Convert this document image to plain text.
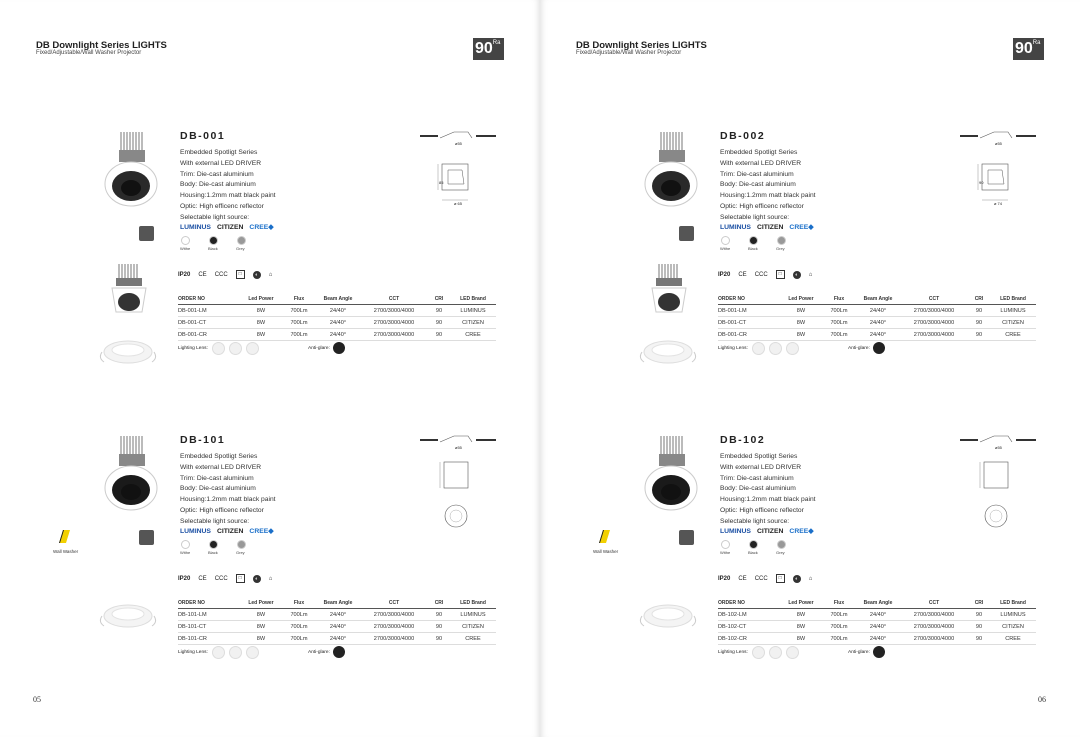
DB Downlight Series LIGHTS
Fixed/Adjustable/Wall Washer Projector	$90^{Ra}$
DB-001
Embedded Spotligt Series
With external LED DRIVER
Trim: Die-cast aluminium
Body: Die-cast aluminium
Housing:1.2mm matt black paint
Optic: High efficenc reflector
Selectable light source:
LUMINUS CITIZEN CREE◆
Withe	Black	Grey
IP20 CE CCC	□	◐	⌂
ø55
85
ø 65
ORDER NO	Led Power	Flux	Beam Angle	CCT	CRI	LED Brand
DB-001-LM	8W	700Lm	24/40°	2700/3000/4000	90	LUMINUS
DB-001-CT	8W	700Lm	24/40°	2700/3000/4000	90	CITIZEN
DB-001-CR	8W	700Lm	24/40°	2700/3000/4000	90	CREE
Lighting Lens:	Anti-glare:
Wall Washer
DB-101
Embedded Spotligt Series
With external LED DRIVER
Trim: Die-cast aluminium
Body: Die-cast aluminium
Housing:1.2mm matt black paint
Optic: High efficenc reflector
Selectable light source:
LUMINUS CITIZEN CREE◆
Withe	Black	Grey
IP20 CE CCC	□	◐	⌂
ø55
ORDER NO	Led Power	Flux	Beam Angle	CCT	CRI	LED Brand
DB-101-LM	8W	700Lm	24/40°	2700/3000/4000	90	LUMINUS
DB-101-CT	8W	700Lm	24/40°	2700/3000/4000	90	CITIZEN
DB-101-CR	8W	700Lm	24/40°	2700/3000/4000	90	CREE
Lighting Lens:	Anti-glare:
05
DB Downlight Series LIGHTS
Fixed/Adjustable/Wall Washer Projector	$90^{Ra}$
DB-002
Embedded Spotligt Series
With external LED DRIVER
Trim: Die-cast aluminium
Body: Die-cast aluminium
Housing:1.2mm matt black paint
Optic: High efficenc reflector
Selectable light source:
LUMINUS CITIZEN CREE◆
Withe	Black	Grey
IP20 CE CCC	□	◐	⌂
ø55
90
ø 74
ORDER NO	Led Power	Flux	Beam Angle	CCT	CRI	LED Brand
DB-001-LM	8W	700Lm	24/40°	2700/3000/4000	90	LUMINUS
DB-001-CT	8W	700Lm	24/40°	2700/3000/4000	90	CITIZEN
DB-001-CR	8W	700Lm	24/40°	2700/3000/4000	90	CREE
Lighting Lens:	Anti-glare:
Wall Washer
DB-102
Embedded Spotligt Series
With external LED DRIVER
Trim: Die-cast aluminium
Body: Die-cast aluminium
Housing:1.2mm matt black paint
Optic: High efficenc reflector
Selectable light source:
LUMINUS CITIZEN CREE◆
Withe	Black	Grey
IP20 CE CCC	□	◐	⌂
ø55
ORDER NO	Led Power	Flux	Beam Angle	CCT	CRI	LED Brand
DB-102-LM	8W	700Lm	24/40°	2700/3000/4000	90	LUMINUS
DB-102-CT	8W	700Lm	24/40°	2700/3000/4000	90	CITIZEN
DB-102-CR	8W	700Lm	24/40°	2700/3000/4000	90	CREE
Lighting Lens:	Anti-glare:
06
